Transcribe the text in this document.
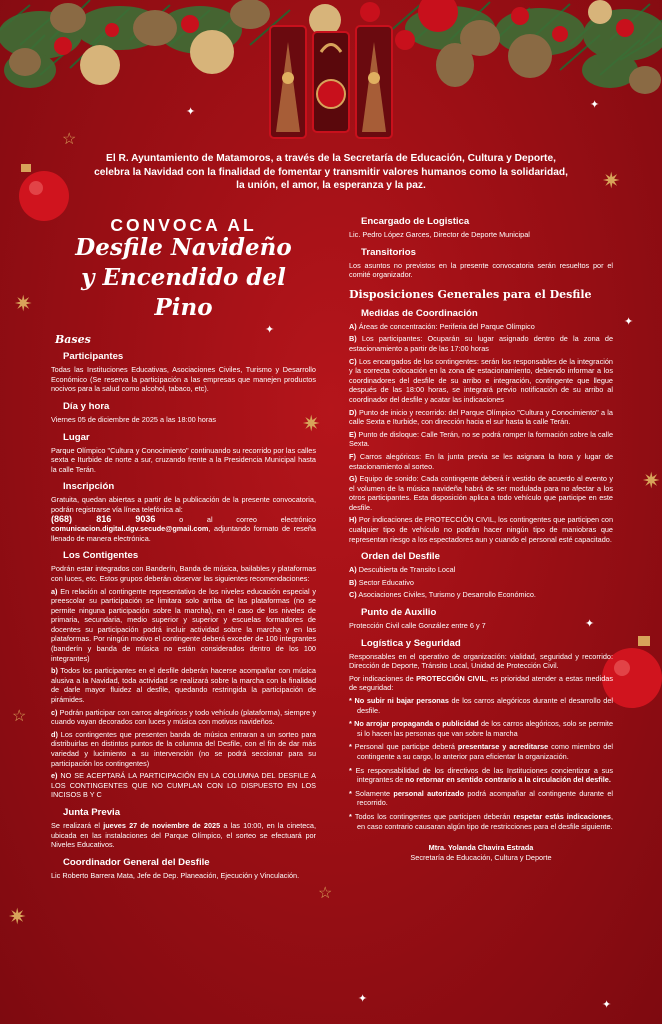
✷
✷
✷
✷
✷
☆
☆
☆
✦
✦
✦
✦
✦
✦	✦
El R. Ayuntamiento de Matamoros, a través de la Secretaría de Educación, Cultura y Deporte, celebra la Navidad con la finalidad de fomentar y transmitir valores humanos como la solidaridad, la unión, el amor, la esperanza y la paz.
CONVOCA AL
Desfile Navideño
y Encendido del Pino
Bases
Participantes
Todas las Instituciones Educativas, Asociaciones Civiles, Turismo y Desarrollo Económico (Se reserva la participación a las empresas que manejen productos nocivos para la salud como alcohol, tabaco, etc).
Día y hora
Viernes 05 de diciembre de 2025 a las 18:00 horas
Lugar
Parque Olímpico "Cultura y Conocimiento" continuando su recorrido por las calles sexta e Iturbide de norte a sur, cruzando frente a la Presidencia Municipal hasta la calle Terán.
Inscripción
Gratuita, quedan abiertas a partir de la publicación de la presente convocatoria, podrán registrarse vía línea telefónica al:
(868) 816 9036 o al correo electrónico comunicacion.digital.dgv.secude@gmail.com, adjuntando formato de reseña llenado de manera electrónica.
Los Contigentes
Podrán estar integrados con Banderín, Banda de música, bailables y plataformas con luces, etc. Estos grupos deberán observar las siguientes recomendaciones:
a) En relación al contingente representativo de los niveles educación especial y preescolar su participación se limitara solo arriba de las plataformas (no se permite ninguna participación sobre la marcha), en el caso de los niveles de primaria, secundaria, medio superior y superior y escuelas formadores de docentes su participación podrá incluir actividad sobre la marcha y en las plataformas. Por ningún motivo el contingente deberá exceder de 100 integrantes (banderín y banda de música no están considerados dentro de los 100 integrantes)
b) Todos los participantes en el desfile deberán hacerse acompañar con música alusiva a la Navidad, toda actividad se realizará sobre la marcha con la finalidad de darle mayor fluidez al desfile, quedando restringida la participación de pirámides.
c) Podrán participar con carros alegóricos y todo vehículo (plataforma), siempre y cuando vayan decorados con luces y música con motivos navideños.
d) Los contingentes que presenten banda de música entraran a un sorteo para distribuirlas en distintos puntos de la columna del Desfile, con el fin de dar más variedad y lucimiento a su intervención (no se podrá seccionar para su participación los contingentes)
e) NO SE ACEPTARÁ LA PARTICIPACIÓN EN LA COLUMNA DEL DESFILE A LOS CONTINGENTES QUE NO CUMPLAN CON LO DISPUESTO EN LOS INCISOS B Y C
Junta Previa
Se realizará el jueves 27 de noviembre de 2025 a las 10:00, en la cineteca, ubicada en las instalaciones del Parque Olímpico, el sorteo se efectuará por Niveles Educativos.
Coordinador General del Desfile
Lic Roberto Barrera Mata, Jefe de Dep. Planeación, Ejecución y Vinculación.
Encargado de Logistica
Lic. Pedro López Garces, Director de Deporte Municipal
Transitorios
Los asuntos no previstos en la presente convocatoria serán resueltos por el comité organizador.
Disposiciones Generales para el Desfile
Medidas de Coordinación
A) Áreas de concentración: Periferia del Parque Olímpico
B) Los participantes: Ocuparán su lugar asignado dentro de la zona de estacionamiento a partir de las 17:00 horas
C) Los encargados de los contingentes: serán los responsables de la integración y la correcta colocación en la zona de estacionamiento, debiendo informar a los coordinadores del desfile de su arribo e integración, contingente que llegue después de las 18:00 horas, se integrará previo notificación de su arribo al coordinador del desfile y acatar las indicaciones
D) Punto de inicio y recorrido: del Parque Olímpico "Cultura y Conocimiento" a la calle Sexta e Iturbide, con dirección hacia el sur hasta la calle Terán.
E) Punto de disloque: Calle Terán, no se podrá romper la formación sobre la calle Sexta.
F) Carros alegóricos: En la junta previa se les asignara la hora y lugar de estacionamiento al sorteo.
G) Equipo de sonido: Cada contingente deberá ir vestido de acuerdo al evento y el volumen de la música navideña habrá de ser modulada para no afectar a los otros participantes. Esta disposición aplica a todo vehículo que participe en este desfile.
H) Por indicaciones de PROTECCIÓN CIVIL, los contingentes que participen con cualquier tipo de vehículo no podrán hacer ningún tipo de maniobras que representan riesgo a los espectadores aun y cuando el personal esté capacitado.
Orden del Desfile
A) Descubierta de Transito Local
B) Sector Educativo
C) Asociaciones Civiles, Turismo y Desarrollo Económico.
Punto de Auxilio
Protección Civil calle González entre 6 y 7
Logística y Seguridad
Responsables en el operativo de organización: vialidad, seguridad y recorrido: Dirección de Deporte, Tránsito Local, Unidad de Protección Civil.
Por indicaciones de PROTECCIÓN CIVIL, es prioridad atender a estas medidas de seguridad:
* No subir ni bajar personas de los carros alegóricos durante el desarrollo del desfile.
* No arrojar propaganda o publicidad de los carros alegóricos, solo se permite si lo hacen las personas que van sobre la marcha
* Personal que participe deberá presentarse y acreditarse como miembro del contingente a su cargo, lo anterior para eficientar la organización.
* Es responsabilidad de los directivos de las Instituciones concientizar a sus integrantes de no retornar en sentido contrario a la circulación del desfile.
* Solamente personal autorizado podrá acompañar al contingente durante el recorrido.
* Todos los contingentes que participen deberán respetar estás indicaciones, en caso contrario causaran algún tipo de restricciones para el desfile siguiente.
Mtra. Yolanda Chavira Estrada
Secretaría de Educación, Cultura y Deporte
